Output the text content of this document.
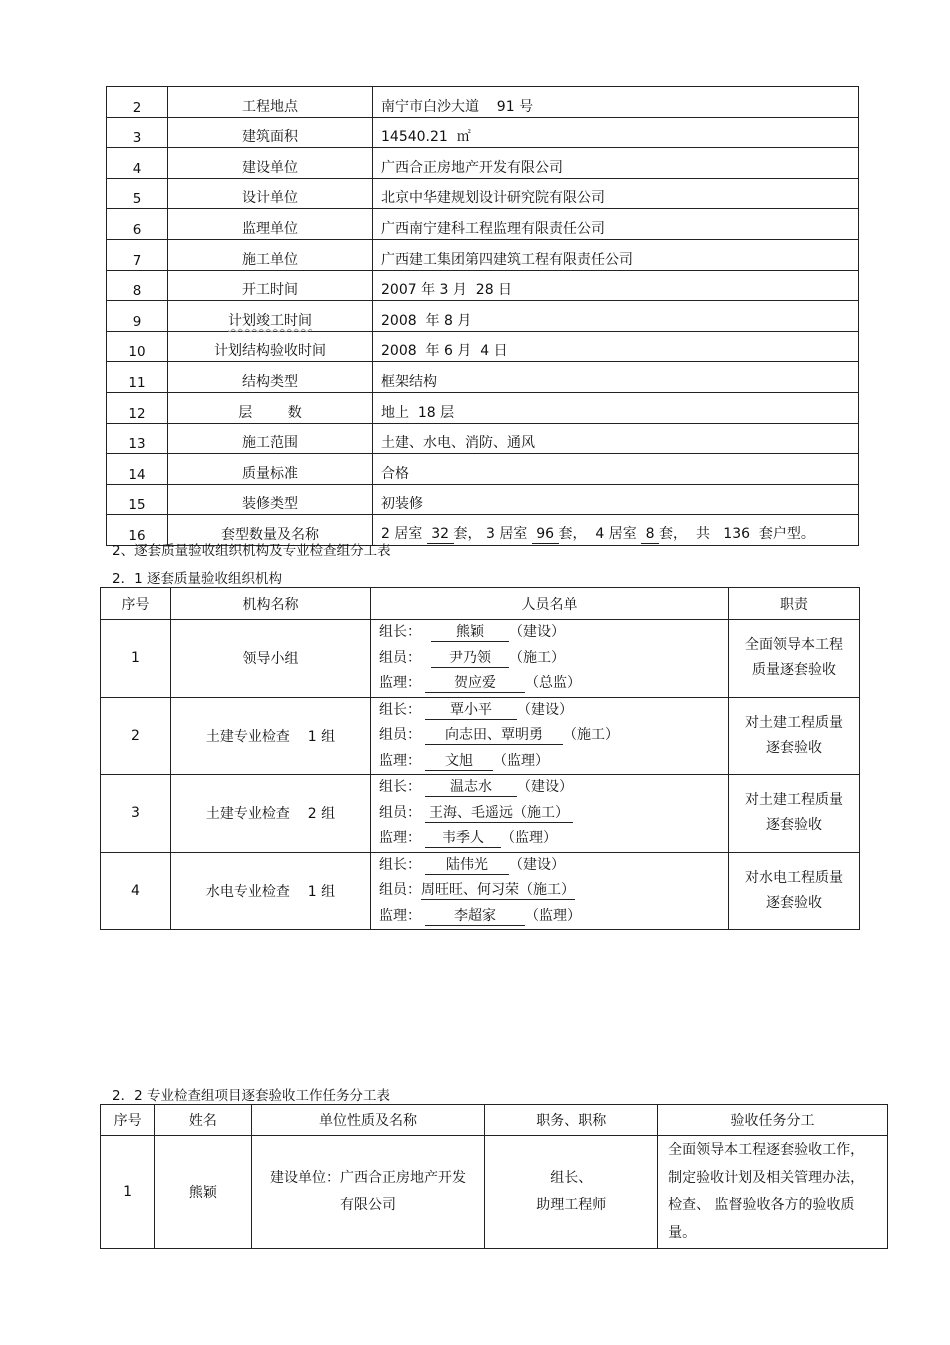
2	工程地点	南宁市白沙大道    91 号
3	建筑面积	14540.21  ㎡
4	建设单位	广西合正房地产开发有限公司
5	设计单位	北京中华建规划设计研究院有限公司
6	监理单位	广西南宁建科工程监理有限责任公司
7	施工单位	广西建工集团第四建筑工程有限责任公司
8	开工时间	2007 年 3 月  28 日
9	计划竣工时间	2008  年 8 月
10	计划结构验收时间	2008  年 6 月  4 日
11	结构类型	框架结构
12	层        数	地上  18 层
13	施工范围	土建、水电、消防、通风
14	质量标准	合格
15	装修类型	初装修
16	套型数量及名称	2 居室  32 套， 3 居室  96 套，  4 居室  8 套，  共   136  套户型。
2、逐套质量验收组织机构及专业检查组分工表
2．1 逐套质量验收组织机构
序号	机构名称	人员名单	职责
1	领导小组	组长： 熊颖 （建设）
组员： 尹乃领 （施工）
监理： 贺应爱 （总监）	全面领导本工程质量逐套验收
2	土建专业检查    1 组	组长： 覃小平 （建设）
组员： 向志田、覃明勇 （施工）
监理： 文旭 （监理）	对土建工程质量逐套验收
3	土建专业检查    2 组	组长： 温志水 （建设）
组员： 王海、毛遥远（施工）
监理： 韦季人 （监理）	对土建工程质量逐套验收
4	水电专业检查    1 组	组长： 陆伟光 （建设）
组员：周旺旺、何习荣（施工）
监理： 李超家 （监理）	对水电工程质量逐套验收
2．2 专业检查组项目逐套验收工作任务分工表
序号	姓名	单位性质及名称	职务、职称	验收任务分工
1	熊颖	建设单位：广西合正房地产开发有限公司	
组长、
助理工程师
	全面领导本工程逐套验收工作，制定验收计划及相关管理办法， 检查、 监督验收各方的验收质量。
